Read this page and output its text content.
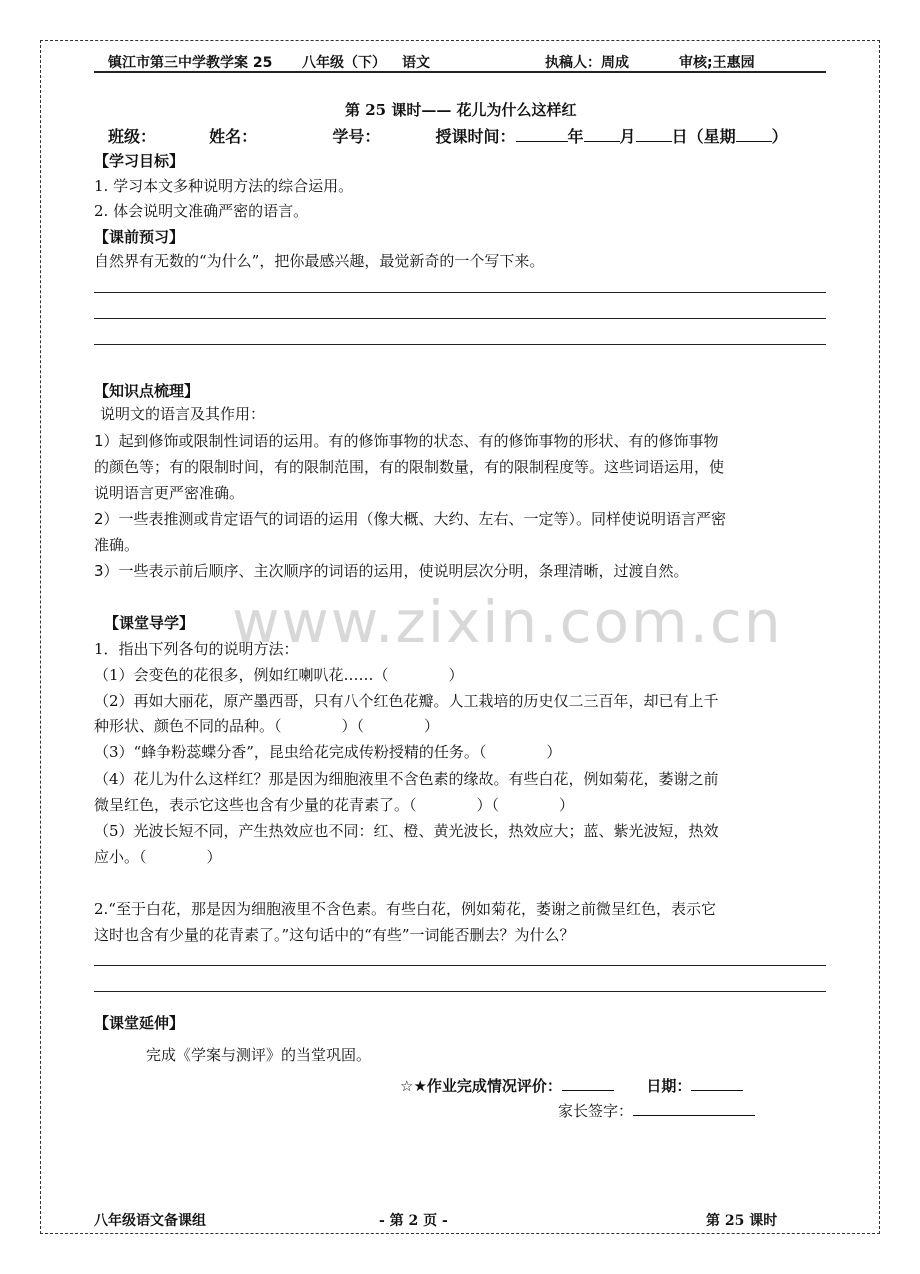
镇江市第三中学教学案 25 八年级（下） 语文	执稿人：周成	审核;王惠园
第 25 课时—— 花儿为什么这样红
班级：	姓名：	学号：	授课时间：	年 月 日（星期 ）
【学习目标】
1. 学习本文多种说明方法的综合运用。
2. 体会说明文准确严密的语言。
【课前预习】
自然界有无数的“为什么”，把你最感兴趣，最觉新奇的一个写下来。
【知识点梳理】
说明文的语言及其作用：
1）起到修饰或限制性词语的运用。有的修饰事物的状态、有的修饰事物的形状、有的修饰事物
的颜色等；有的限制时间，有的限制范围，有的限制数量，有的限制程度等。这些词语运用，使
说明语言更严密准确。
2）一些表推测或肯定语气的词语的运用（像大概、大约、左右、一定等）。同样使说明语言严密
准确。
3）一些表示前后顺序、主次顺序的词语的运用，使说明层次分明，条理清晰，过渡自然。
www.zixin.com.cn
【课堂导学】
1．指出下列各句的说明方法：
（1）会变色的花很多，例如红喇叭花……（　　　　）
（2）再如大丽花，原产墨西哥，只有八个红色花瓣。人工栽培的历史仅二三百年，却已有上千
种形状、颜色不同的品种。（　　　　）（　　　　）
（3）“蜂争粉蕊蝶分香”，昆虫给花完成传粉授精的任务。（　　　　）
（4）花儿为什么这样红？那是因为细胞液里不含色素的缘故。有些白花，例如菊花，萎谢之前
微呈红色，表示它这些也含有少量的花青素了。（　　　　）（　　　　）
（5）光波长短不同，产生热效应也不同：红、橙、黄光波长，热效应大；蓝、紫光波短，热效
应小。（　　　　）
2.“至于白花，那是因为细胞液里不含色素。有些白花，例如菊花，萎谢之前微呈红色，表示它
这时也含有少量的花青素了。”这句话中的“有些”一词能否删去？为什么？
【课堂延伸】
完成《学案与测评》的当堂巩固。
☆★作业完成情况评价：	日期：
家长签字：
八年级语文备课组	- 第 2 页 -	第 25 课时
